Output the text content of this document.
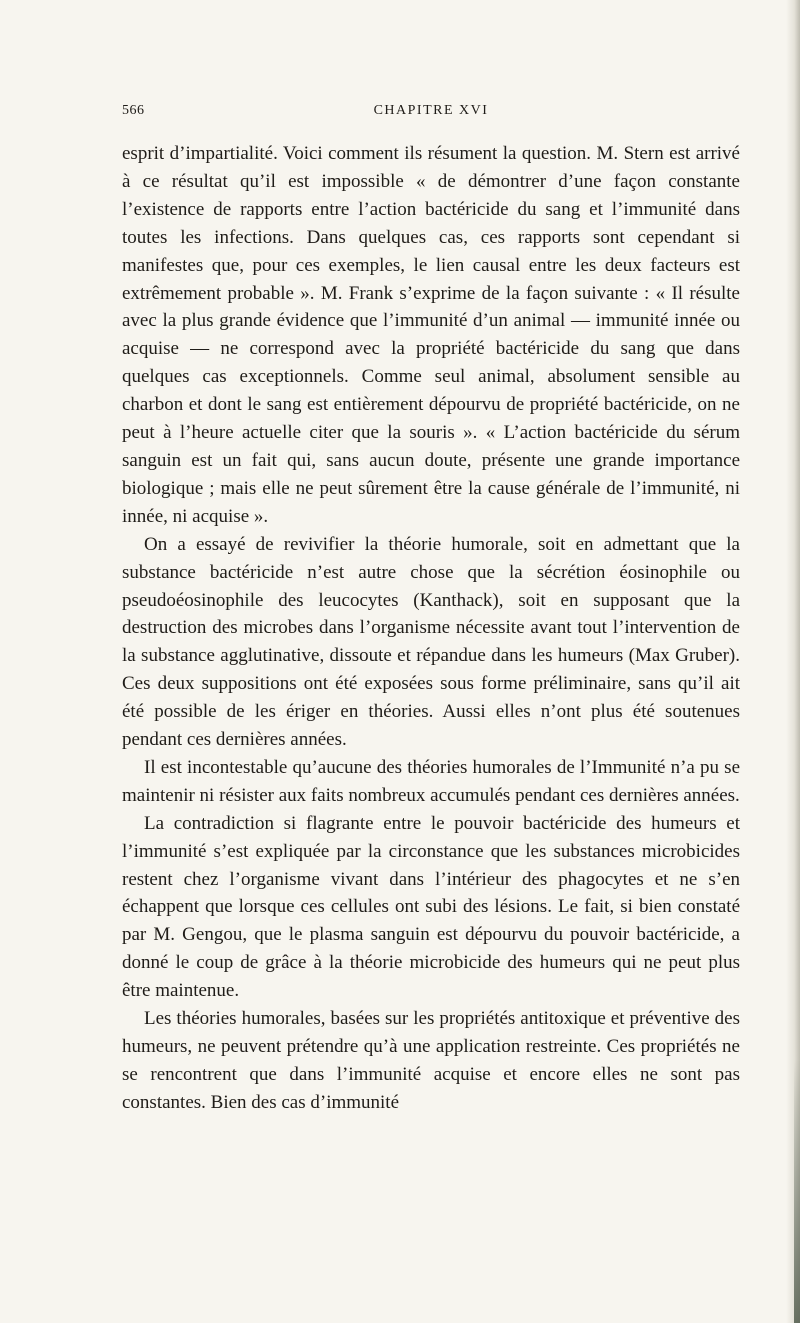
566	CHAPITRE XVI

esprit d’impartialité. Voici comment ils résument la question. M. Stern est arrivé à ce résultat qu’il est impossible « de démontrer d’une façon constante l’existence de rapports entre l’action bactéricide du sang et l’immunité dans toutes les infections. Dans quelques cas, ces rapports sont cependant si manifestes que, pour ces exemples, le lien causal entre les deux facteurs est extrêmement probable ». M. Frank s’exprime de la façon suivante : « Il résulte avec la plus grande évidence que l’immunité d’un animal — immunité innée ou acquise — ne correspond avec la propriété bactéricide du sang que dans quelques cas exceptionnels. Comme seul animal, absolument sensible au charbon et dont le sang est entièrement dépourvu de propriété bactéricide, on ne peut à l’heure actuelle citer que la souris ». « L’action bactéricide du sérum sanguin est un fait qui, sans aucun doute, présente une grande importance biologique ; mais elle ne peut sûrement être la cause générale de l’immunité, ni innée, ni acquise ».

On a essayé de revivifier la théorie humorale, soit en admettant que la substance bactéricide n’est autre chose que la sécrétion éosinophile ou pseudoéosinophile des leucocytes (Kanthack), soit en supposant que la destruction des microbes dans l’organisme nécessite avant tout l’intervention de la substance agglutinative, dissoute et répandue dans les humeurs (Max Gruber). Ces deux suppositions ont été exposées sous forme préliminaire, sans qu’il ait été possible de les ériger en théories. Aussi elles n’ont plus été soutenues pendant ces dernières années.

Il est incontestable qu’aucune des théories humorales de l’Immunité n’a pu se maintenir ni résister aux faits nombreux accumulés pendant ces dernières années.

La contradiction si flagrante entre le pouvoir bactéricide des humeurs et l’immunité s’est expliquée par la circonstance que les substances microbicides restent chez l’organisme vivant dans l’intérieur des phagocytes et ne s’en échappent que lorsque ces cellules ont subi des lésions. Le fait, si bien constaté par M. Gengou, que le plasma sanguin est dépourvu du pouvoir bactéricide, a donné le coup de grâce à la théorie microbicide des humeurs qui ne peut plus être maintenue.

Les théories humorales, basées sur les propriétés antitoxique et préventive des humeurs, ne peuvent prétendre qu’à une application restreinte. Ces propriétés ne se rencontrent que dans l’immunité acquise et encore elles ne sont pas constantes. Bien des cas d’immunité
